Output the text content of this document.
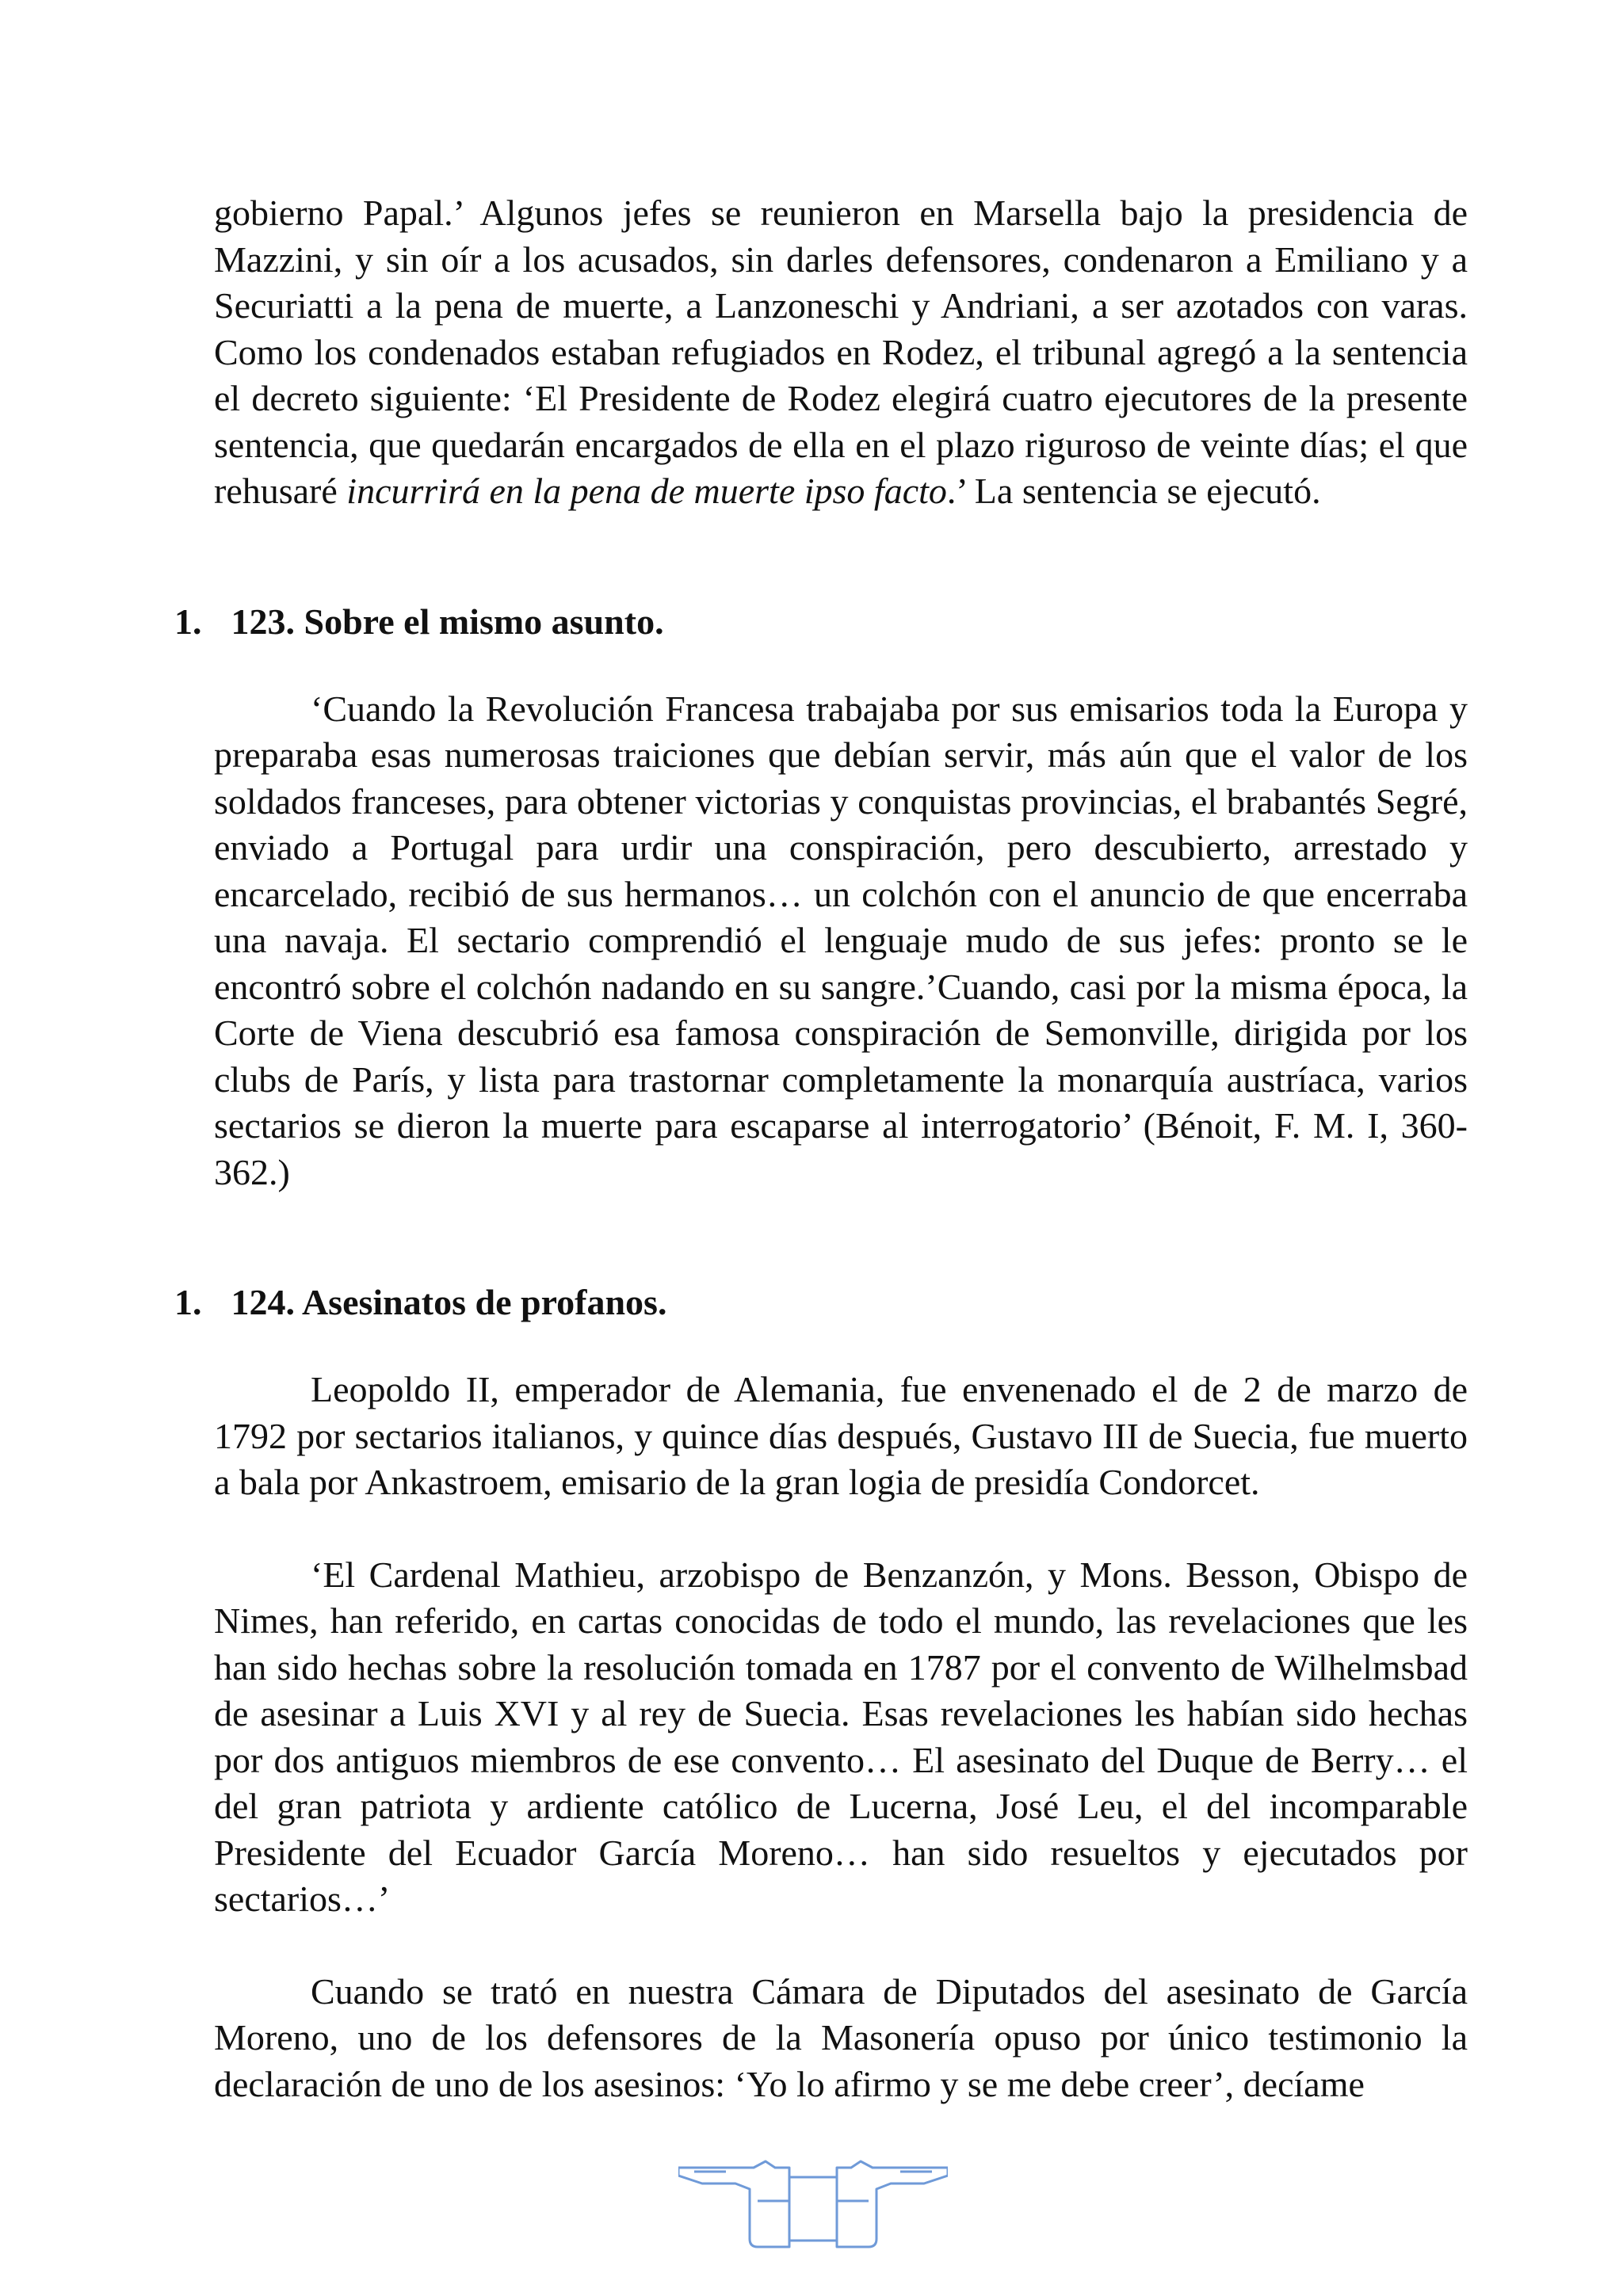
gobierno Papal.’ Algunos jefes se reunieron en Marsella bajo la presidencia de Mazzini, y sin oír a los acusados, sin darles defensores, condenaron a Emiliano y a Securiatti a la pena de muerte, a Lanzoneschi y Andriani, a ser azotados con varas. Como los condenados estaban refugiados en Rodez, el tribunal agregó a la sentencia el decreto siguiente: ‘El Presidente de Rodez elegirá cuatro ejecutores de la presente sentencia, que quedarán encargados de ella en el plazo riguroso de veinte días; el que rehusaré incurrirá en la pena de muerte ipso facto.’ La sentencia se ejecutó.

1. 123. Sobre el mismo asunto.

‘Cuando la Revolución Francesa trabajaba por sus emisarios toda la Europa y preparaba esas numerosas traiciones que debían servir, más aún que el valor de los soldados franceses, para obtener victorias y conquistas provincias, el brabantés Segré, enviado a Portugal para urdir una conspiración, pero descubierto, arrestado y encarcelado, recibió de sus hermanos… un colchón con el anuncio de que encerraba una navaja. El sectario comprendió el lenguaje mudo de sus jefes: pronto se le encontró sobre el colchón nadando en su sangre.’Cuando, casi por la misma época, la Corte de Viena descubrió esa famosa conspiración de Semonville, dirigida por los clubs de París, y lista para trastornar completamente la monarquía austríaca, varios sectarios se dieron la muerte para escaparse al interrogatorio’ (Bénoit, F. M. I, 360-362.)

1. 124. Asesinatos de profanos.

Leopoldo II, emperador de Alemania, fue envenenado el de 2 de marzo de 1792 por sectarios italianos, y quince días después, Gustavo III de Suecia, fue muerto a bala por Ankastroem, emisario de la gran logia de presidía Condorcet.

‘El Cardenal Mathieu, arzobispo de Benzanzón, y Mons. Besson, Obispo de Nimes, han referido, en cartas conocidas de todo el mundo, las revelaciones que les han sido hechas sobre la resolución tomada en 1787 por el convento de Wilhelmsbad de asesinar a Luis XVI y al rey de Suecia. Esas revelaciones les habían sido hechas por dos antiguos miembros de ese convento… El asesinato del Duque de Berry… el del gran patriota y ardiente católico de Lucerna, José Leu, el del incomparable Presidente del Ecuador García Moreno… han sido resueltos y ejecutados por sectarios…’

Cuando se trató en nuestra Cámara de Diputados del asesinato de García Moreno, uno de los defensores de la Masonería opuso por único testimonio la declaración de uno de los asesinos: ‘Yo lo afirmo y se me debe creer’, decíame
